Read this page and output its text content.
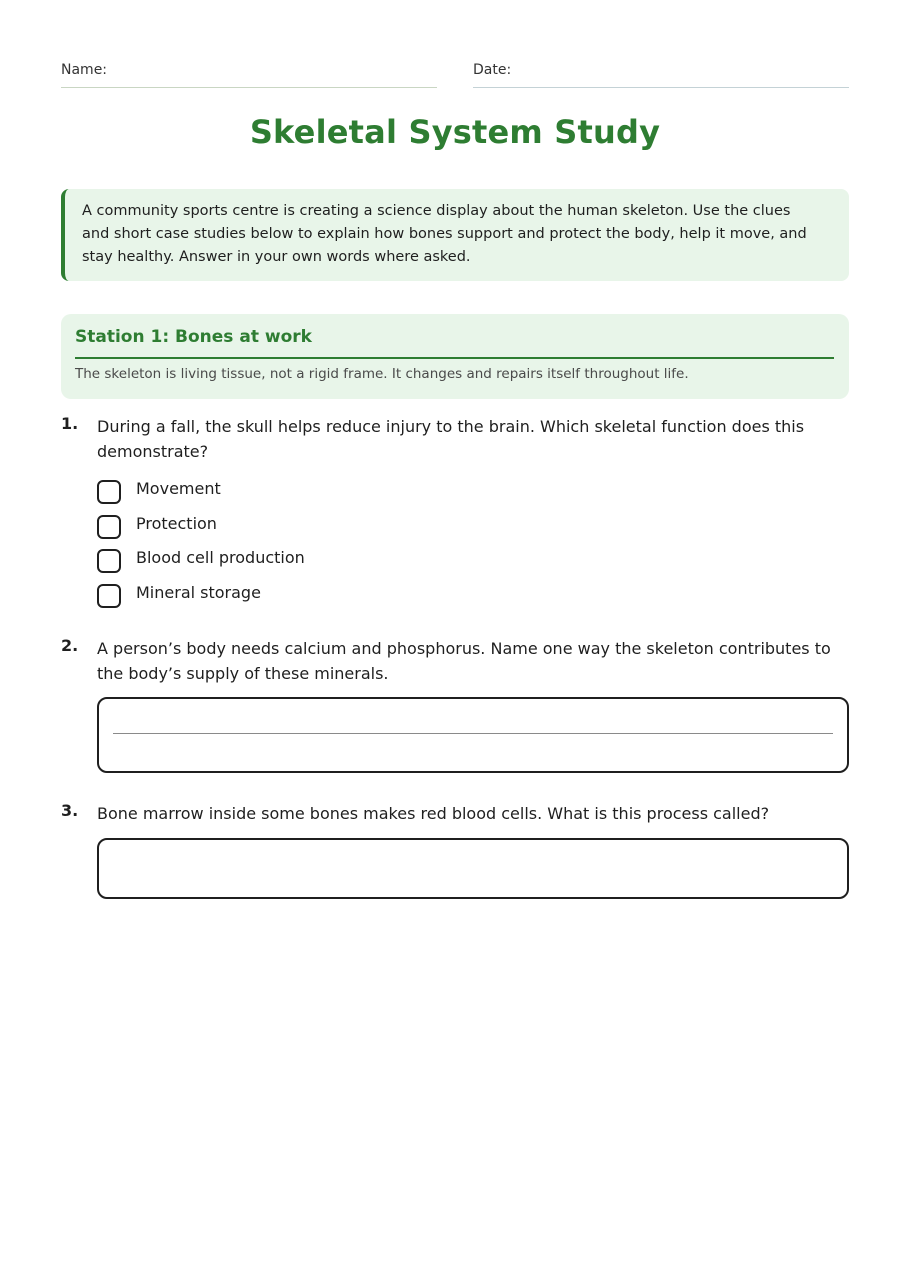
Name:	Date:
Skeletal System Study
A community sports centre is creating a science display about the human skeleton. Use the clues and short case studies below to explain how bones support and protect the body, help it move, and stay healthy. Answer in your own words where asked.
Station 1: Bones at work
The skeleton is living tissue, not a rigid frame. It changes and repairs itself throughout life.
1. During a fall, the skull helps reduce injury to the brain. Which skeletal function does this demonstrate?
Movement
Protection
Blood cell production
Mineral storage
2. A person’s body needs calcium and phosphorus. Name one way the skeleton contributes to the body’s supply of these minerals.
3. Bone marrow inside some bones makes red blood cells. What is this process called?
